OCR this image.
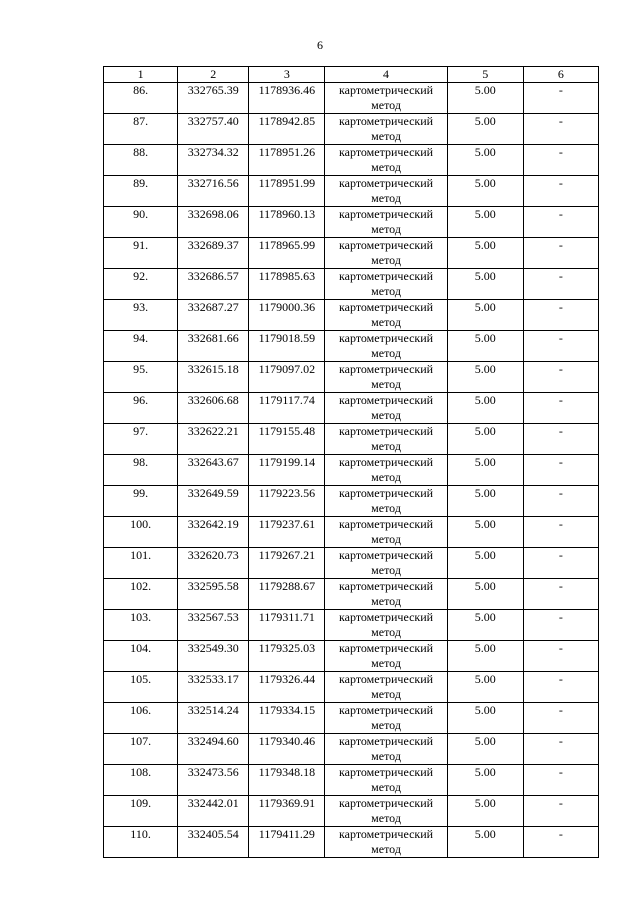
6
1	2	3	4	5	6
86.	332765.39	1178936.46	картометрический метод	5.00	-
87.	332757.40	1178942.85	картометрический метод	5.00	-
88.	332734.32	1178951.26	картометрический метод	5.00	-
89.	332716.56	1178951.99	картометрический метод	5.00	-
90.	332698.06	1178960.13	картометрический метод	5.00	-
91.	332689.37	1178965.99	картометрический метод	5.00	-
92.	332686.57	1178985.63	картометрический метод	5.00	-
93.	332687.27	1179000.36	картометрический метод	5.00	-
94.	332681.66	1179018.59	картометрический метод	5.00	-
95.	332615.18	1179097.02	картометрический метод	5.00	-
96.	332606.68	1179117.74	картометрический метод	5.00	-
97.	332622.21	1179155.48	картометрический метод	5.00	-
98.	332643.67	1179199.14	картометрический метод	5.00	-
99.	332649.59	1179223.56	картометрический метод	5.00	-
100.	332642.19	1179237.61	картометрический метод	5.00	-
101.	332620.73	1179267.21	картометрический метод	5.00	-
102.	332595.58	1179288.67	картометрический метод	5.00	-
103.	332567.53	1179311.71	картометрический метод	5.00	-
104.	332549.30	1179325.03	картометрический метод	5.00	-
105.	332533.17	1179326.44	картометрический метод	5.00	-
106.	332514.24	1179334.15	картометрический метод	5.00	-
107.	332494.60	1179340.46	картометрический метод	5.00	-
108.	332473.56	1179348.18	картометрический метод	5.00	-
109.	332442.01	1179369.91	картометрический метод	5.00	-
110.	332405.54	1179411.29	картометрический метод	5.00	-
